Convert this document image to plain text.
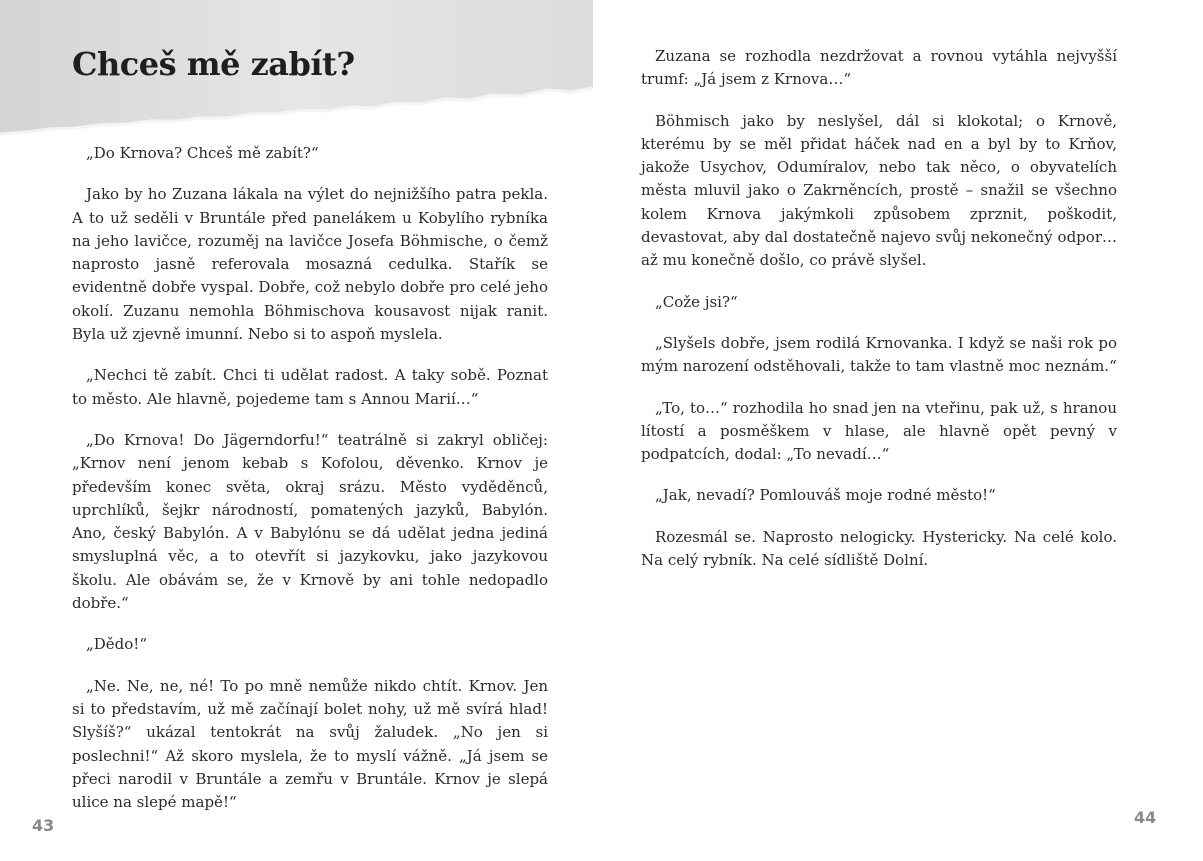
Chceš mě zabít?

„Do Krnova? Chceš mě zabít?“

Jako by ho Zuzana lákala na výlet do nejnižšího patra pekla. A to už seděli v Bruntále před panelákem u Kobylího rybníka na jeho lavičce, rozuměj na lavičce Josefa Böhmische, o čemž naprosto jasně referovala mosazná cedulka. Stařík se evidentně dobře vyspal. Dobře, což nebylo dobře pro celé jeho okolí. Zuzanu nemohla Böhmischova kousavost nijak ranit. Byla už zjevně imunní. Nebo si to aspoň myslela.

„Nechci tě zabít. Chci ti udělat radost. A taky sobě. Poznat to město. Ale hlavně, pojedeme tam s Annou Marií…“

„Do Krnova! Do Jägerndorfu!“ teatrálně si zakryl obličej: „Krnov není jenom kebab s Kofolou, děvenko. Krnov je především konec světa, okraj srázu. Město vyděděnců, uprchlíků, šejkr národností, pomatených jazyků, Babylón. Ano, český Babylón. A v Babylónu se dá udělat jedna jediná smysluplná věc, a to otevřít si jazykovku, jako jazykovou školu. Ale obávám se, že v Krnově by ani tohle nedopadlo dobře.“

„Dědo!“

„Ne. Ne, ne, né! To po mně nemůže nikdo chtít. Krnov. Jen si to představím, už mě začínají bolet nohy, už mě svírá hlad! Slyšíš?“ ukázal tentokrát na svůj žaludek. „No jen si poslechni!“ Až skoro myslela, že to myslí vážně. „Já jsem se přeci narodil v Bruntále a zemřu v Bruntále. Krnov je slepá ulice na slepé mapě!“

43

Zuzana se rozhodla nezdržovat a rovnou vytáhla nejvyšší trumf: „Já jsem z Krnova…“

Böhmisch jako by neslyšel, dál si klokotal; o Krnově, kterému by se měl přidat háček nad en a byl by to Krňov, jakože Usychov, Odumíralov, nebo tak něco, o obyvatelích města mluvil jako o Zakrněncích, prostě – snažil se všechno kolem Krnova jakýmkoli způsobem zprznit, poškodit, devastovat, aby dal dostatečně najevo svůj nekonečný odpor… až mu konečně došlo, co právě slyšel.

„Cože jsi?“

„Slyšels dobře, jsem rodilá Krnovanka. I když se naši rok po mým narození odstěhovali, takže to tam vlastně moc neznám.“

„To, to…“ rozhodila ho snad jen na vteřinu, pak už, s hranou lítostí a posměškem v hlase, ale hlavně opět pevný v podpatcích, dodal: „To nevadí…“

„Jak, nevadí? Pomlouváš moje rodné město!“

Rozesmál se. Naprosto nelogicky. Hystericky. Na celé kolo. Na celý rybník. Na celé sídliště Dolní.

44
